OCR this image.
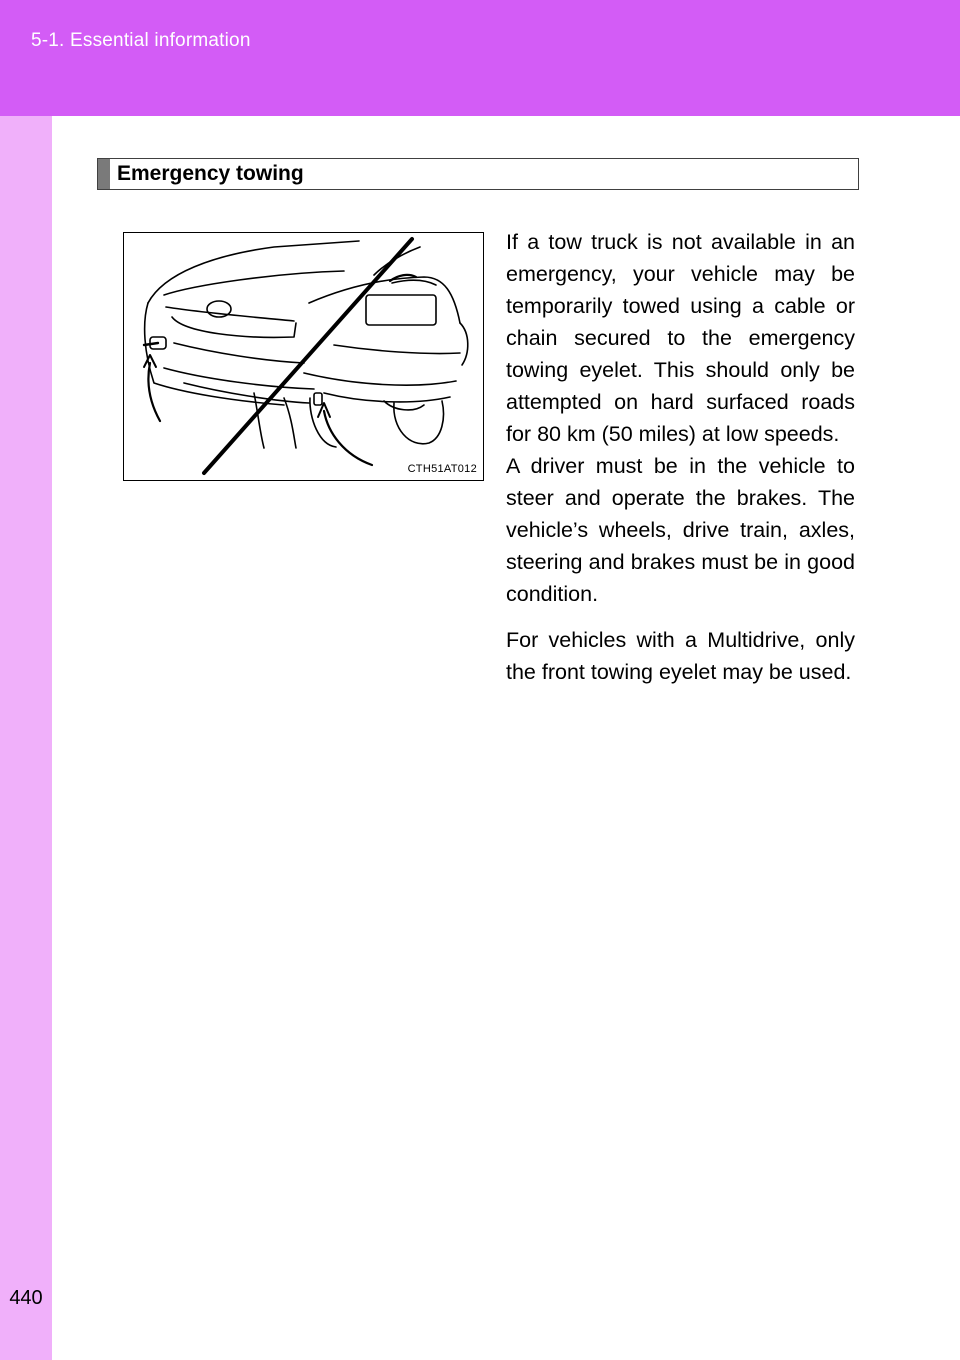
5-1. Essential information
440
Emergency towing
CTH51AT012

If a tow truck is not available in an emergency, your vehicle may be temporarily towed using a cable or chain secured to the emergency towing eyelet. This should only be attempted on hard surfaced roads for 80 km (50 miles) at low speeds.

A driver must be in the vehicle to steer and operate the brakes. The vehicle’s wheels, drive train, axles, steering and brakes must be in good condition.

For vehicles with a Multidrive, only the front towing eyelet may be used.
